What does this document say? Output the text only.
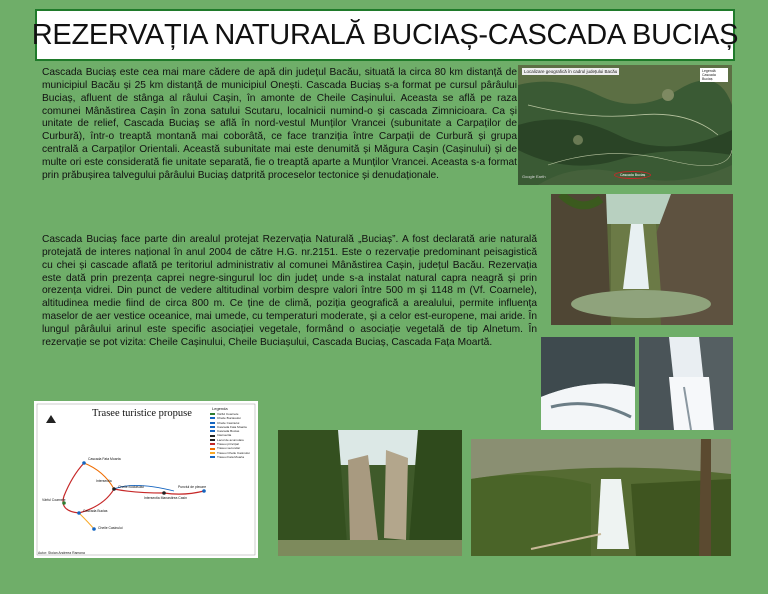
REZERVAȚIA NATURALĂ BUCIAȘ-CASCADA BUCIAȘ

Cascada Buciaș este cea mai mare cădere de apă din județul Bacău, situată la circa 80 km distanță de municipiul Bacău și 25 km distanță de municipiul Onești. Cascada Buciaș s-a format pe cursul pârâului Buciaș, afluent de stânga al râului Cașin, în amonte de Cheile Cașinului. Aceasta se află pe raza comunei Mânăstirea Cașin în zona satului Scutaru, localnicii numind-o și cascada Zimnicioara. Ca și unitate de relief, Cascada Buciaș se află în nord-vestul Munților Vrancei (subunitate a Carpaților de Curbură), într-o treaptă montană mai coborâtă, ce face tranziția între Carpații de Curbură și grupa centrală a Carpaților Orientali. Această subunitate mai este denumită și Măgura Cașin (Cașinului) și de multe ori este considerată fie unitate separată, fie o treaptă aparte a Munților Vrancei. Aceasta s-a format prin prăbușirea talvegului pârâului Buciaș datprită proceselor tectonice și denudaționale.

Cascada Buciaș face parte din arealul protejat Rezervația Naturală „Buciaș”. A fost declarată arie naturală protejată de interes național în anul 2004 de către H.G. nr.2151. Este o rezervație predominant peisagistică cu chei și cascade aflată pe teritoriul administrativ al comunei Mânăstirea Cașin, județul Bacău. Rezervația este dată prin prezența caprei negre-singurul loc din județ unde s-a instalat natural capra neagră și prin orezența vidrei. Din punct de vedere altitudinal vorbim despre valori între 500 m și 1148 m (Vf. Coarnele), altitudinea medie fiind de circa 800 m. Ce ține de climă, poziția geografică a arealului, permite influența maselor de aer vestice oceanice, mai umede, cu temperaturi moderate, și a celor est-europene, mai aride. În lungul pârâului arinul este specific asociației vegetale, formând o asociație vegetală de tip Alnetum. În rezervație se pot vizita: Cheile Cașinului, Cheile Buciașului, Cascada Buciaș, Cascada Fața Moartă.

Localizare geografică în cadrul județului Bacău	Legendă
Cascada Buciaș
Google Earth	Cascada Buciaș
Trasee turistice propuse	Legenda
Vârful Coarnele
Cheile Buciasului
Cheile Casinului
Cascada Fata Moarta
Cascada Bucias
Intersectia
Lacul de acumulare
Traseu principal
Traseu secundar
Traseu Cheile Casinului
Traseu Fata Moarta
Cascada Fata Moarta
Intersectia
Cheile Buciasului
Vârful Coarnele
Cascada Bucias
Intersectia Manastirea Casin
Cheile Casinului
Punctul de plecare
Autor: Stoian Andreea Ramona
